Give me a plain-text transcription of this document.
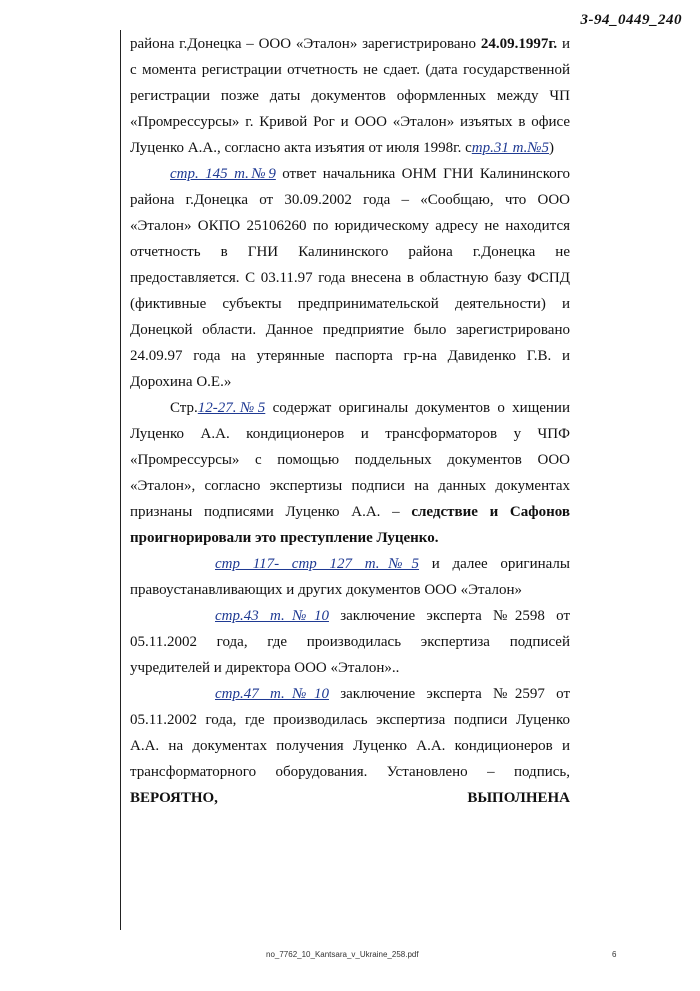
3-94_0449_240

района г.Донецка – ООО «Эталон» зарегистрировано 24.09.1997г. и с момента регистрации отчетность не сдает. (дата государственной регистрации позже даты документов оформленных между ЧП «Промрессурсы» г. Кривой Рог и ООО «Эталон» изъятых в офисе Луценко А.А., согласно акта изъятия от июля 1998г. стр.31 т.№5)

стр. 145 т.№9 ответ начальника ОНМ ГНИ Калининского района г.Донецка от 30.09.2002 года – «Сообщаю, что ООО «Эталон» ОКПО 25106260 по юридическому адресу не находится отчетность в ГНИ Калининского района г.Донецка не предоставляется. С 03.11.97 года внесена в областную базу ФСПД (фиктивные субъекты предпринимательской деятельности) и Донецкой области. Данное предприятие было зарегистрировано 24.09.97 года на утерянные паспорта гр-на Давиденко Г.В. и Дорохина О.Е.»

Стр.12-27.№5 содержат оригиналы документов о хищении Луценко А.А. кондиционеров и трансформаторов у ЧПФ «Промрессурсы» с помощью поддельных документов ООО «Эталон», согласно экспертизы подписи на данных документах признаны подписями Луценко А.А. – следствие и Сафонов проигнорировали это преступление Луценко.

стр 117- стр 127 т.№5 и далее оригиналы правоустанавливающих и других документов ООО «Эталон»

стр.43 т.№10 заключение эксперта №2598 от 05.11.2002 года, где производилась экспертиза подписей учредителей и директора ООО «Эталон»..

стр.47 т.№10 заключение эксперта №2597 от 05.11.2002 года, где производилась экспертиза подписи Луценко А.А. на документах получения Луценко А.А. кондиционеров и трансформаторного оборудования. Установлено – подпись, ВЕРОЯТНО, ВЫПОЛНЕНА

no_7762_10_Kantsara_v_Ukraine_258.pdf	6
